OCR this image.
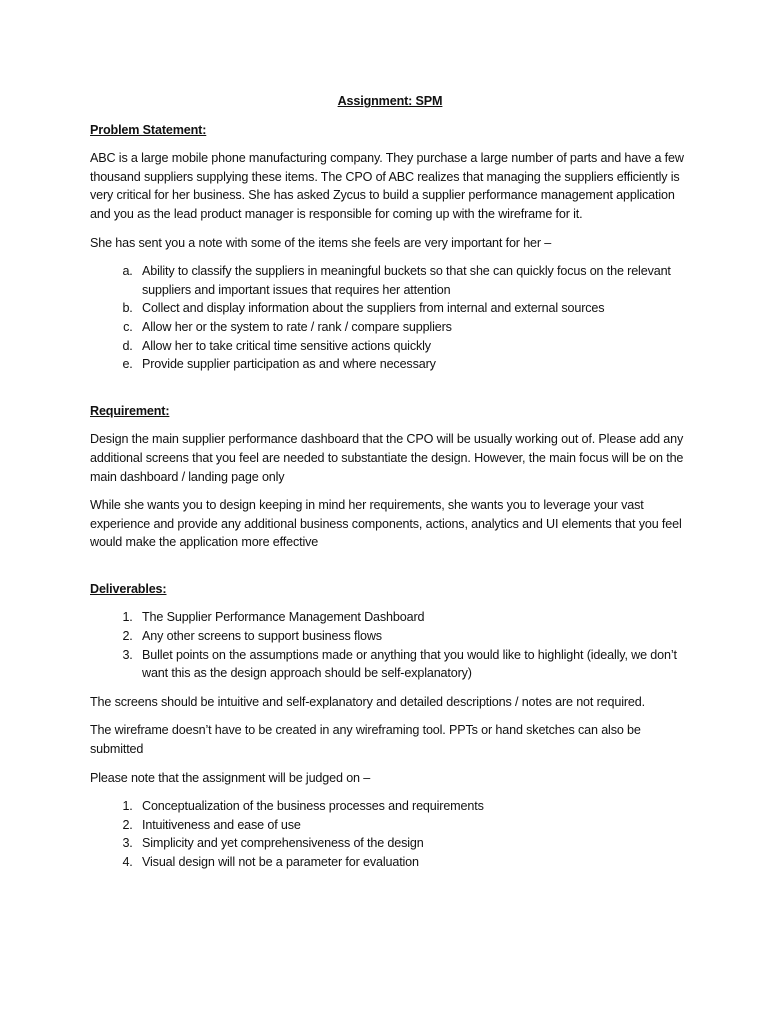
Assignment: SPM
Problem Statement:

ABC is a large mobile phone manufacturing company. They purchase a large number of parts and have a few thousand suppliers supplying these items. The CPO of ABC realizes that managing the suppliers efficiently is very critical for her business. She has asked Zycus to build a supplier performance management application and you as the lead product manager is responsible for coming up with the wireframe for it.

She has sent you a note with some of the items she feels are very important for her –

a. Ability to classify the suppliers in meaningful buckets so that she can quickly focus on the relevant suppliers and important issues that requires her attention
b. Collect and display information about the suppliers from internal and external sources
c. Allow her or the system to rate / rank / compare suppliers
d. Allow her to take critical time sensitive actions quickly
e. Provide supplier participation as and where necessary
Requirement:

Design the main supplier performance dashboard that the CPO will be usually working out of. Please add any additional screens that you feel are needed to substantiate the design. However, the main focus will be on the main dashboard / landing page only

While she wants you to design keeping in mind her requirements, she wants you to leverage your vast experience and provide any additional business components, actions, analytics and UI elements that you feel would make the application more effective

Deliverables:
1. The Supplier Performance Management Dashboard
2. Any other screens to support business flows
3. Bullet points on the assumptions made or anything that you would like to highlight (ideally, we don’t want this as the design approach should be self-explanatory)

The screens should be intuitive and self-explanatory and detailed descriptions / notes are not required.

The wireframe doesn’t have to be created in any wireframing tool. PPTs or hand sketches can also be submitted

Please note that the assignment will be judged on –

1. Conceptualization of the business processes and requirements
2. Intuitiveness and ease of use
3. Simplicity and yet comprehensiveness of the design
4. Visual design will not be a parameter for evaluation
